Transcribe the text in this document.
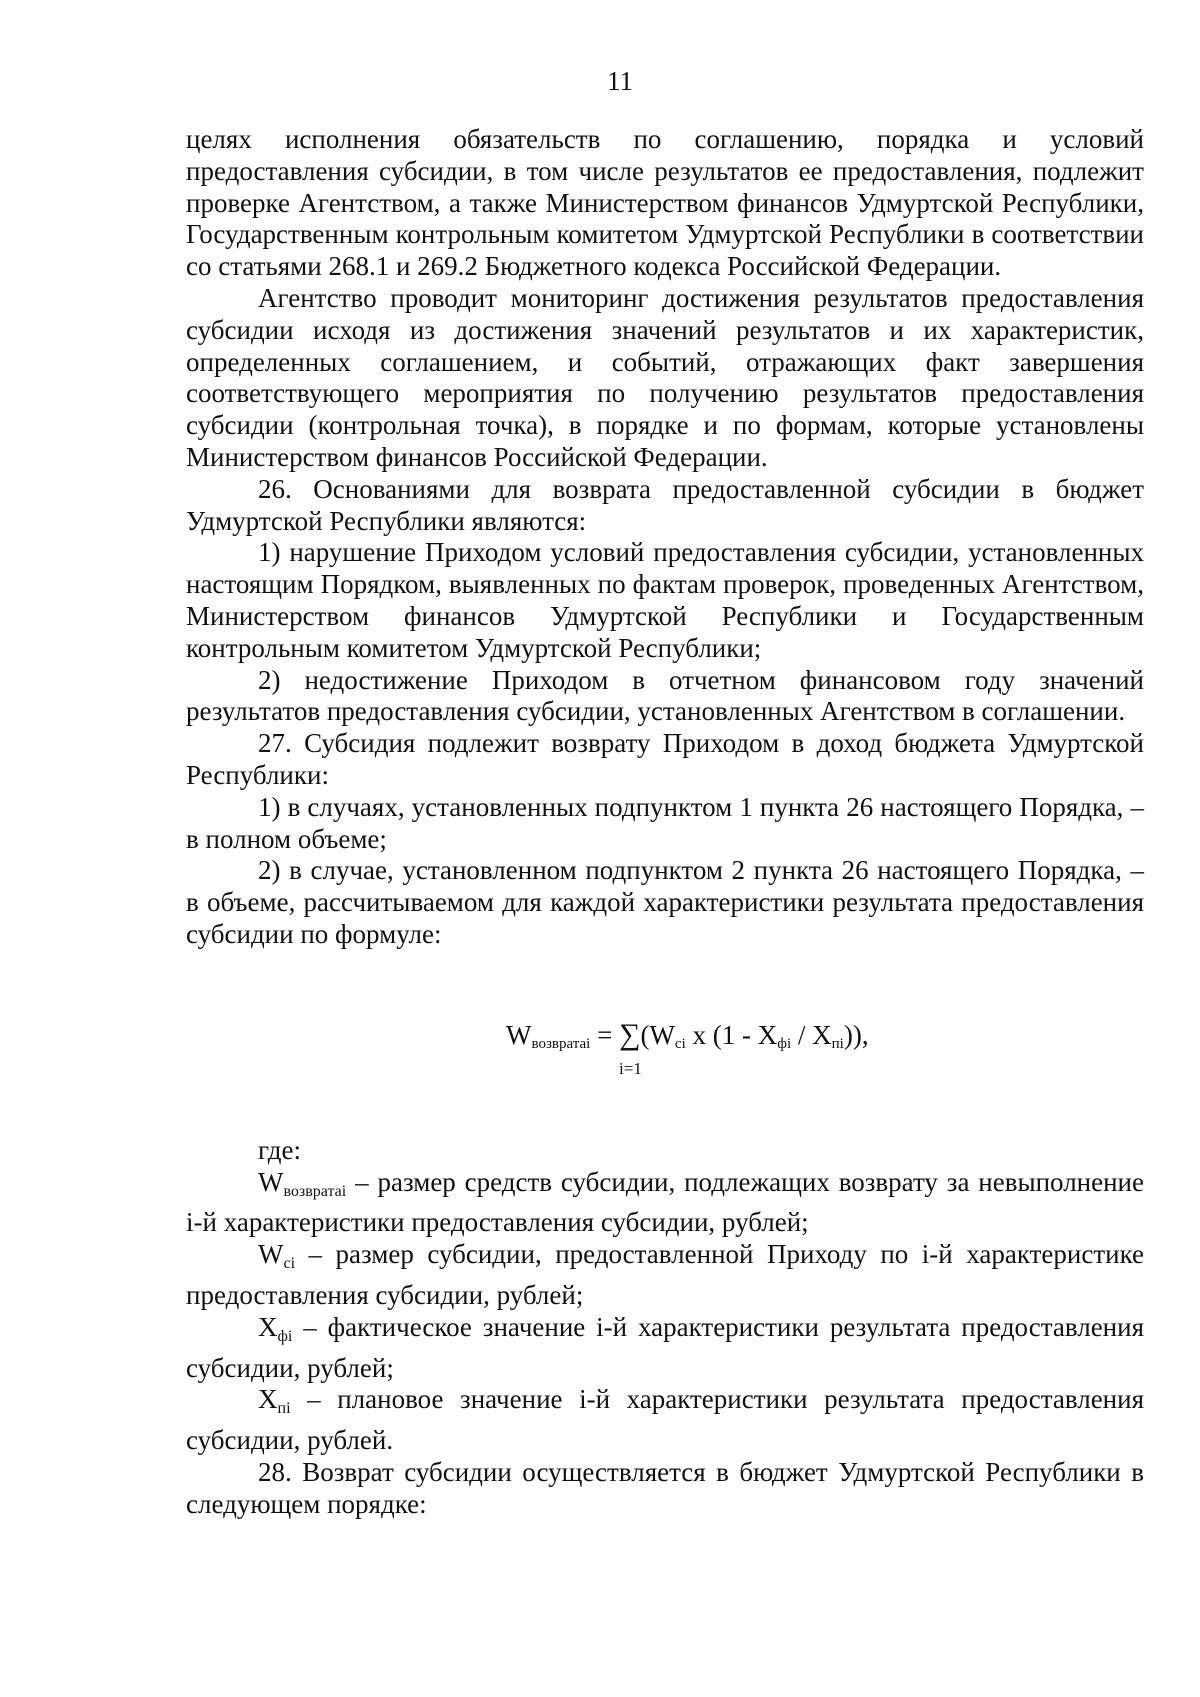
11

целях исполнения обязательств по соглашению, порядка и условий предоставления субсидии, в том числе результатов ее предоставления, подлежит проверке Агентством, а также Министерством финансов Удмуртской Республики, Государственным контрольным комитетом Удмуртской Республики в соответствии со статьями 268.1 и 269.2 Бюджетного кодекса Российской Федерации.

Агентство проводит мониторинг достижения результатов предоставления субсидии исходя из достижения значений результатов и их характеристик, определенных соглашением, и событий, отражающих факт завершения соответствующего мероприятия по получению результатов предоставления субсидии (контрольная точка), в порядке и по формам, которые установлены Министерством финансов Российской Федерации.

26. Основаниями для возврата предоставленной субсидии в бюджет Удмуртской Республики являются:

1) нарушение Приходом условий предоставления субсидии, установленных настоящим Порядком, выявленных по фактам проверок, проведенных Агентством, Министерством финансов Удмуртской Республики и Государственным контрольным комитетом Удмуртской Республики;

2) недостижение Приходом в отчетном финансовом году значений результатов предоставления субсидии, установленных Агентством в соглашении.

27. Субсидия подлежит возврату Приходом в доход бюджета Удмуртской Республики:

1) в случаях, установленных подпунктом 1 пункта 26 настоящего Порядка, – в полном объеме;

2) в случае, установленном подпунктом 2 пункта 26 настоящего Порядка, – в объеме, рассчитываемом для каждой характеристики результата предоставления субсидии по формуле:

$W_{возвратаi}$ = ∑
i=1
($W_{ci}$ x $(1 - X_{фi} / X_{пi})$),

где:

$W_{возвратаi}$ – размер средств субсидии, подлежащих возврату за невыполнение i-й характеристики предоставления субсидии, рублей;

$W_{ci}$ – размер субсидии, предоставленной Приходу по i-й характеристике предоставления субсидии, рублей;

$X_{фi}$ – фактическое значение i-й характеристики результата предоставления субсидии, рублей;

$X_{пi}$ – плановое значение i-й характеристики результата предоставления субсидии, рублей.

28. Возврат субсидии осуществляется в бюджет Удмуртской Республики в следующем порядке:
